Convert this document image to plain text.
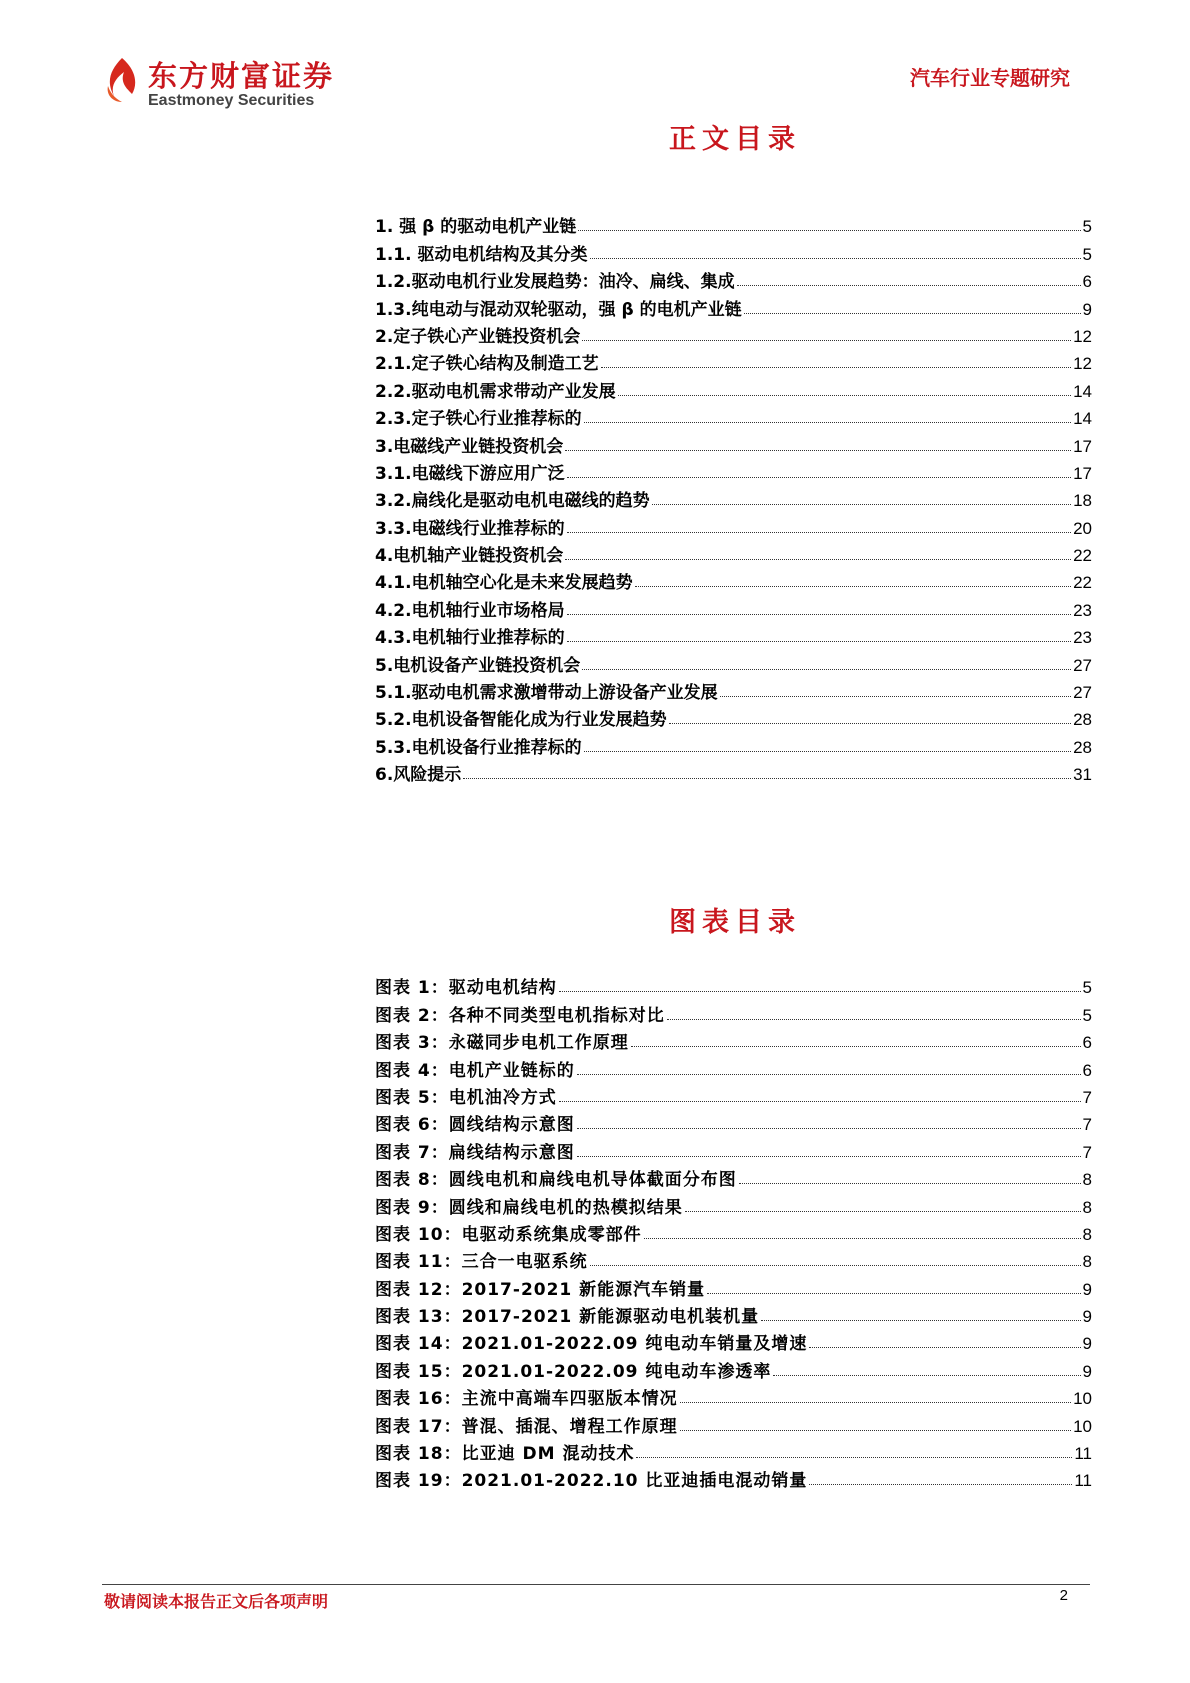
东方财富证券
Eastmoney Securities
汽车行业专题研究
正文目录
1. 强 β 的驱动电机产业链	5
1.1. 驱动电机结构及其分类	5
1.2.驱动电机行业发展趋势：油冷、扁线、集成	6
1.3.纯电动与混动双轮驱动，强 β 的电机产业链	9
2.定子铁心产业链投资机会	12
2.1.定子铁心结构及制造工艺	12
2.2.驱动电机需求带动产业发展	14
2.3.定子铁心行业推荐标的	14
3.电磁线产业链投资机会	17
3.1.电磁线下游应用广泛	17
3.2.扁线化是驱动电机电磁线的趋势	18
3.3.电磁线行业推荐标的	20
4.电机轴产业链投资机会	22
4.1.电机轴空心化是未来发展趋势	22
4.2.电机轴行业市场格局	23
4.3.电机轴行业推荐标的	23
5.电机设备产业链投资机会	27
5.1.驱动电机需求激增带动上游设备产业发展	27
5.2.电机设备智能化成为行业发展趋势	28
5.3.电机设备行业推荐标的	28
6.风险提示	31
图表目录
图表 1：驱动电机结构	5
图表 2：各种不同类型电机指标对比	5
图表 3：永磁同步电机工作原理	6
图表 4：电机产业链标的	6
图表 5：电机油冷方式	7
图表 6：圆线结构示意图	7
图表 7：扁线结构示意图	7
图表 8：圆线电机和扁线电机导体截面分布图	8
图表 9：圆线和扁线电机的热模拟结果	8
图表 10：电驱动系统集成零部件	8
图表 11：三合一电驱系统	8
图表 12：2017-2021 新能源汽车销量	9
图表 13：2017-2021 新能源驱动电机装机量	9
图表 14：2021.01-2022.09 纯电动车销量及增速	9
图表 15：2021.01-2022.09 纯电动车渗透率	9
图表 16：主流中高端车四驱版本情况	10
图表 17：普混、插混、增程工作原理	10
图表 18：比亚迪 DM 混动技术	11
图表 19：2021.01-2022.10 比亚迪插电混动销量	11
敬请阅读本报告正文后各项声明	2
